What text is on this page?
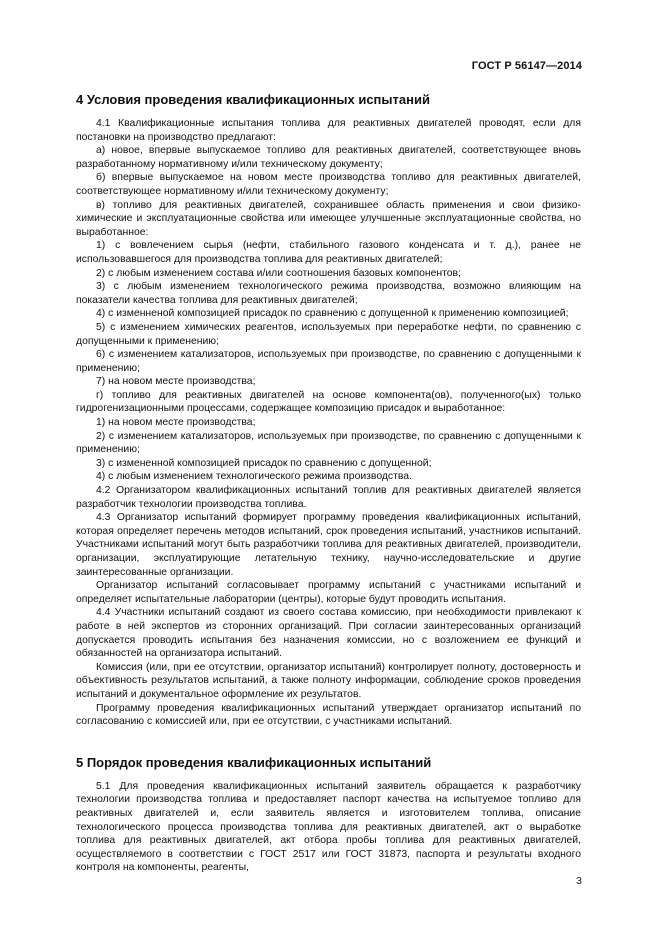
ГОСТ Р 56147—2014
4 Условия проведения квалификационных испытаний

4.1 Квалификационные испытания топлива для реактивных двигателей проводят, если для постановки на производство предлагают:

а) новое, впервые выпускаемое топливо для реактивных двигателей, соответствующее вновь разработанному нормативному и/или техническому документу;

б) впервые выпускаемое на новом месте производства топливо для реактивных двигателей, соответствующее нормативному и/или техническому документу;

в) топливо для реактивных двигателей, сохранившее область применения и свои физико-химические и эксплуатационные свойства или имеющее улучшенные эксплуатационные свойства, но выработанное:

1) с вовлечением сырья (нефти, стабильного газового конденсата и т. д.), ранее не использовавшегося для производства топлива для реактивных двигателей;

2) с любым изменением состава и/или соотношения базовых компонентов;

3) с любым изменением технологического режима производства, возможно влияющим на показатели качества топлива для реактивных двигателей;

4) с изменненой композицией присадок по сравнению с допущенной к применению композицией;

5) с изменением химических реагентов, используемых при переработке нефти, по сравнению с допущенными к применению;

6) с изменением катализаторов, используемых при производстве, по сравнению с допущенными к применению;

7) на новом месте производства;

г) топливо для реактивных двигателей на основе компонента(ов), полученного(ых) только гидрогенизационными процессами, содержащее композицию присадок и выработанное:

1) на новом месте производства;

2) с изменением катализаторов, используемых при производстве, по сравнению с допущенными к применению;

3) с измененной композицией присадок по сравнению с допущенной;

4) с любым изменением технологического режима производства.

4.2 Организатором квалификационных испытаний топлив для реактивных двигателей является разработчик технологии производства топлива.

4.3 Организатор испытаний формирует программу проведения квалификационных испытаний, которая определяет перечень методов испытаний, срок проведения испытаний, участников испытаний. Участниками испытаний могут быть разработчики топлива для реактивных двигателей, производители, организации, эксплуатирующие летательную технику, научно-исследовательские и другие заинтересованные организации.

Организатор испытаний согласовывает программу испытаний с участниками испытаний и определяет испытательные лаборатории (центры), которые будут проводить испытания.

4.4 Участники испытаний создают из своего состава комиссию, при необходимости привлекают к работе в ней экспертов из сторонних организаций. При согласии заинтересованных организаций допускается проводить испытания без назначения комиссии, но с возложением ее функций и обязанностей на организатора испытаний.

Комиссия (или, при ее отсутствии, организатор испытаний) контролирует полноту, достоверность и объективность результатов испытаний, а также полноту информации, соблюдение сроков проведения испытаний и документальное оформление их результатов.

Программу проведения квалификационных испытаний утверждает организатор испытаний по согласованию с комиссией или, при ее отсутствии, с участниками испытаний.

5 Порядок проведения квалификационных испытаний

5.1 Для проведения квалификационных испытаний заявитель обращается к разработчику технологии производства топлива и предоставляет паспорт качества на испытуемое топливо для реактивных двигателей и, если заявитель является и изготовителем топлива, описание технологического процесса производства топлива для реактивных двигателей, акт о выработке топлива для реактивных двигателей, акт отбора пробы топлива для реактивных двигателей, осуществляемого в соответствии с ГОСТ 2517 или ГОСТ 31873, паспорта и результаты входного контроля на компоненты, реагенты,

3
